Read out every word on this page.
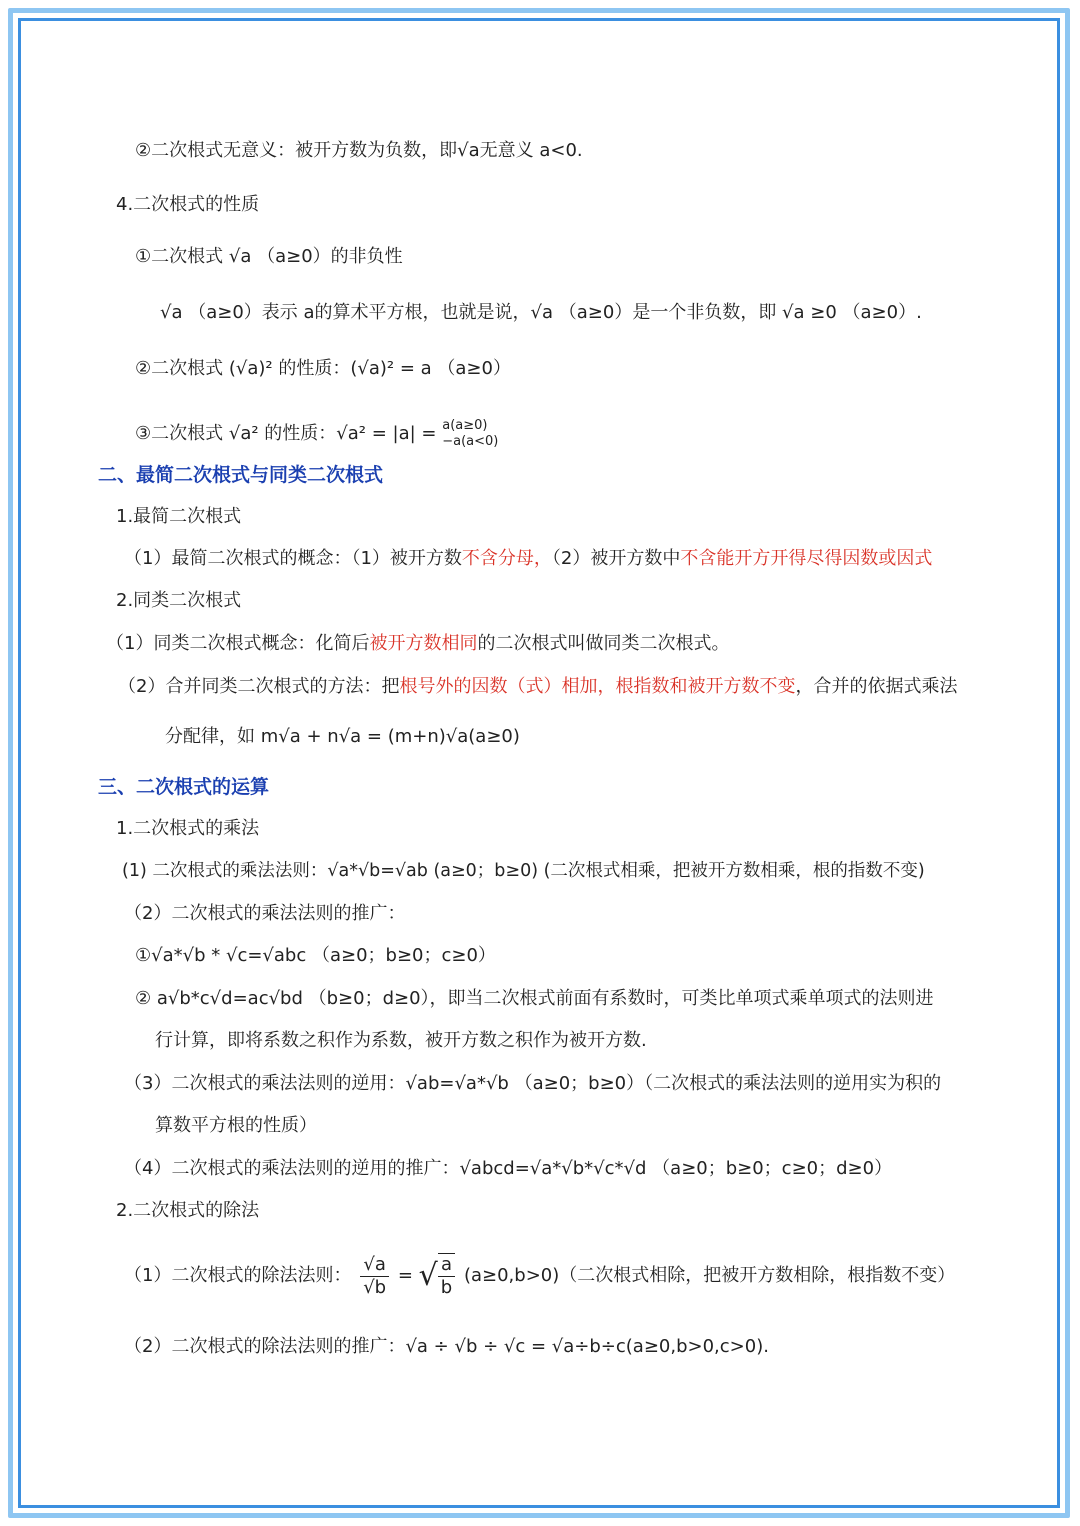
②二次根式无意义：被开方数为负数，即√a无意义 a<0.
4.二次根式的性质
①二次根式 √a （a≥0）的非负性
√a （a≥0）表示 a的算术平方根，也就是说，√a （a≥0）是一个非负数，即 √a ≥0 （a≥0）.
②二次根式 (√a)² 的性质：(√a)² = a （a≥0）
③二次根式 √a² 的性质：√a² = |a| = a(a≥0)
−a(a<0)
二、最简二次根式与同类二次根式
1.最简二次根式
（1）最简二次根式的概念：（1）被开方数不含分母，（2）被开方数中不含能开方开得尽得因数或因式
2.同类二次根式
（1）同类二次根式概念：化简后被开方数相同的二次根式叫做同类二次根式。
（2）合并同类二次根式的方法：把根号外的因数（式）相加，根指数和被开方数不变，合并的依据式乘法
分配律，如 m√a + n√a = (m+n)√a(a≥0)
三、二次根式的运算
1.二次根式的乘法
(1) 二次根式的乘法法则：√a*√b=√ab (a≥0；b≥0) (二次根式相乘，把被开方数相乘，根的指数不变)
（2）二次根式的乘法法则的推广：
①√a*√b * √c=√abc （a≥0；b≥0；c≥0）
② a√b*c√d=ac√bd （b≥0；d≥0），即当二次根式前面有系数时，可类比单项式乘单项式的法则进
行计算，即将系数之积作为系数，被开方数之积作为被开方数.
（3）二次根式的乘法法则的逆用：√ab=√a*√b （a≥0；b≥0）（二次根式的乘法法则的逆用实为积的
算数平方根的性质）
（4）二次根式的乘法法则的逆用的推广：√abcd=√a*√b*√c*√d （a≥0；b≥0；c≥0；d≥0）
2.二次根式的除法
（1）二次根式的除法法则： $\frac{√a}{√b}$ = √ $\frac{a}{b} (a\ge 0,b>0)$（二次根式相除，把被开方数相除，根指数不变）
（2）二次根式的除法法则的推广：√a ÷ √b ÷ √c = √a÷b÷c(a≥0,b>0,c>0).
